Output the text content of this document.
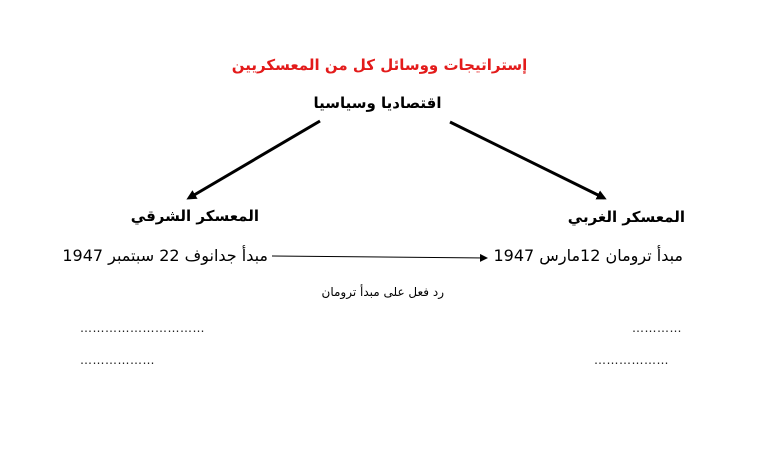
إستراتيجات ووسائل كل من المعسكريين
اقتصاديا وسياسيا
المعسكر الشرقي	المعسكر الغربي
مبدأ جدانوف 22 سبتمبر 1947	مبدأ ترومان 12مارس 1947
رد فعل على مبدأ ترومان
…………………………
………………
…………
………………
